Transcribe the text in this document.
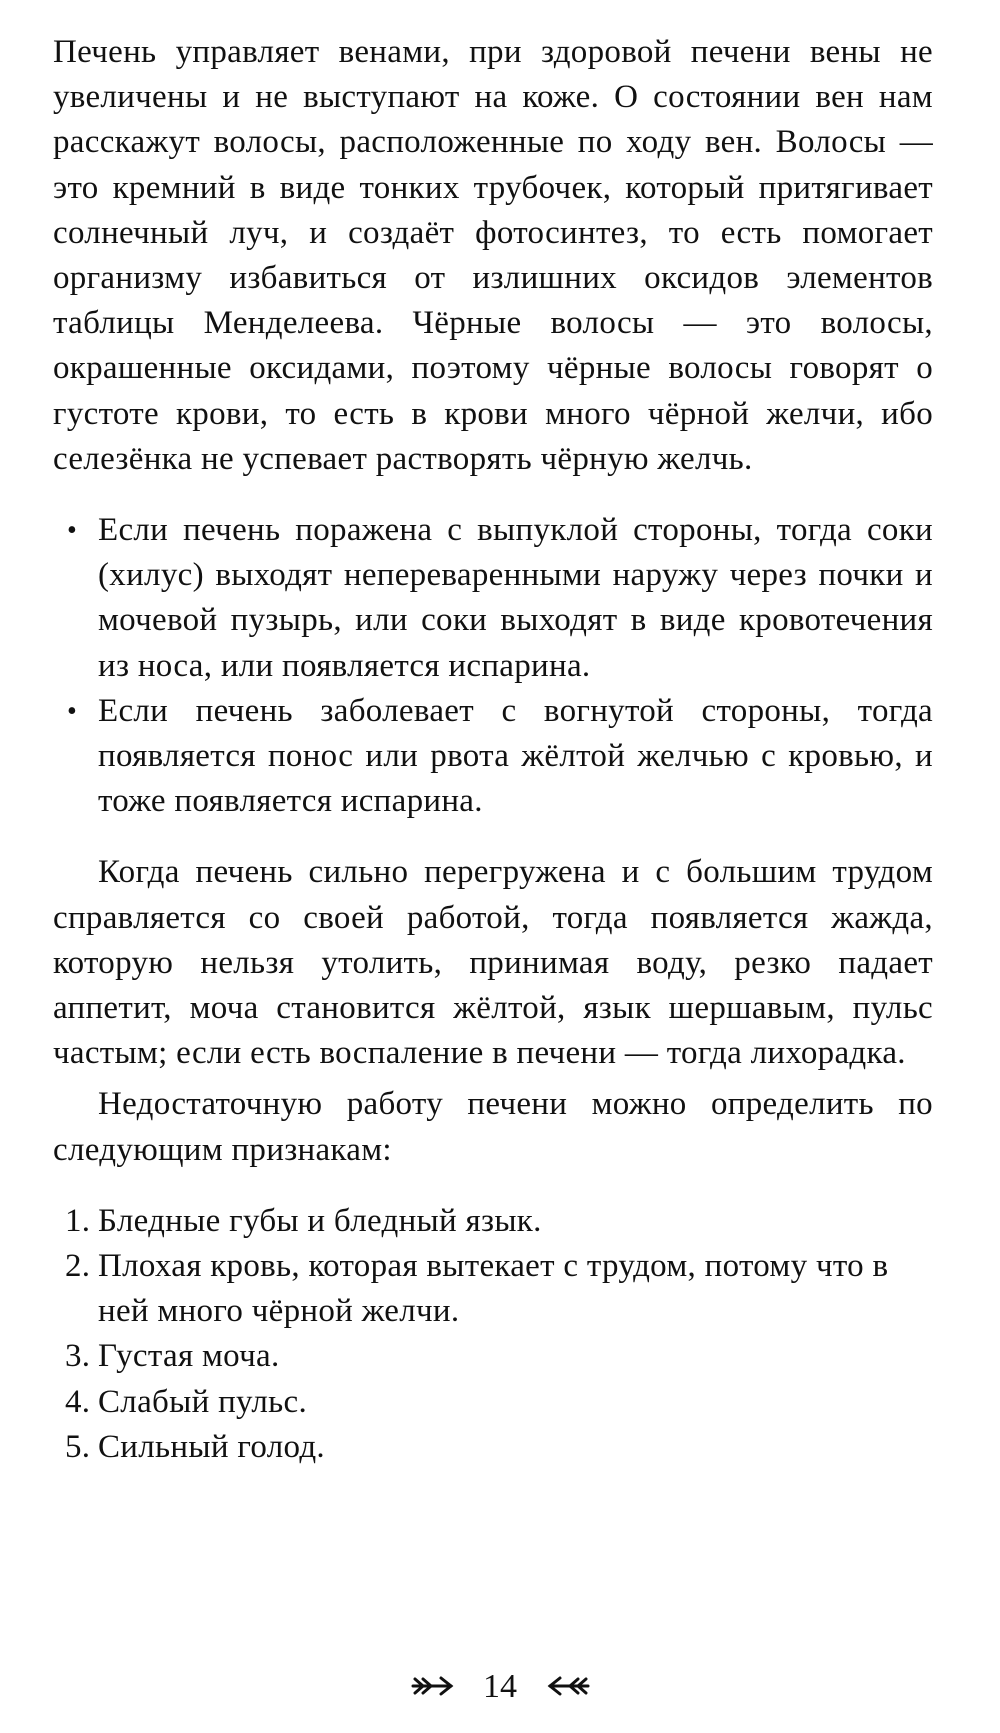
Печень управляет венами, при здоровой печени вены не увеличены и не выступают на коже. О состоянии вен нам расскажут волосы, расположенные по ходу вен. Волосы — это кремний в виде тонких трубочек, который притягивает солнечный луч, и создаёт фотосинтез, то есть помогает организму избавиться от излишних оксидов элементов таблицы Менделеева. Чёрные волосы — это волосы, окрашенные оксидами, поэтому чёрные волосы говорят о густоте крови, то есть в крови много чёрной желчи, ибо селезёнка не успевает растворять чёрную желчь.

• Если печень поражена с выпуклой стороны, тогда соки (хилус) выходят непереваренными наружу через почки и мочевой пузырь, или соки выходят в виде кровотечения из носа, или появляется испарина.
• Если печень заболевает с вогнутой стороны, тогда появляется понос или рвота жёлтой желчью с кровью, и тоже появляется испарина.

Когда печень сильно перегружена и с большим трудом справляется со своей работой, тогда появляется жажда, которую нельзя утолить, принимая воду, резко падает аппетит, моча становится жёлтой, язык шершавым, пульс частым; если есть воспаление в печени — тогда лихорадка.

Недостаточную работу печени можно определить по следующим признакам:

1. Бледные губы и бледный язык.
2. Плохая кровь, которая вытекает с трудом, потому что в ней много чёрной желчи.
3. Густая моча.
4. Слабый пульс.
5. Сильный голод.
14
